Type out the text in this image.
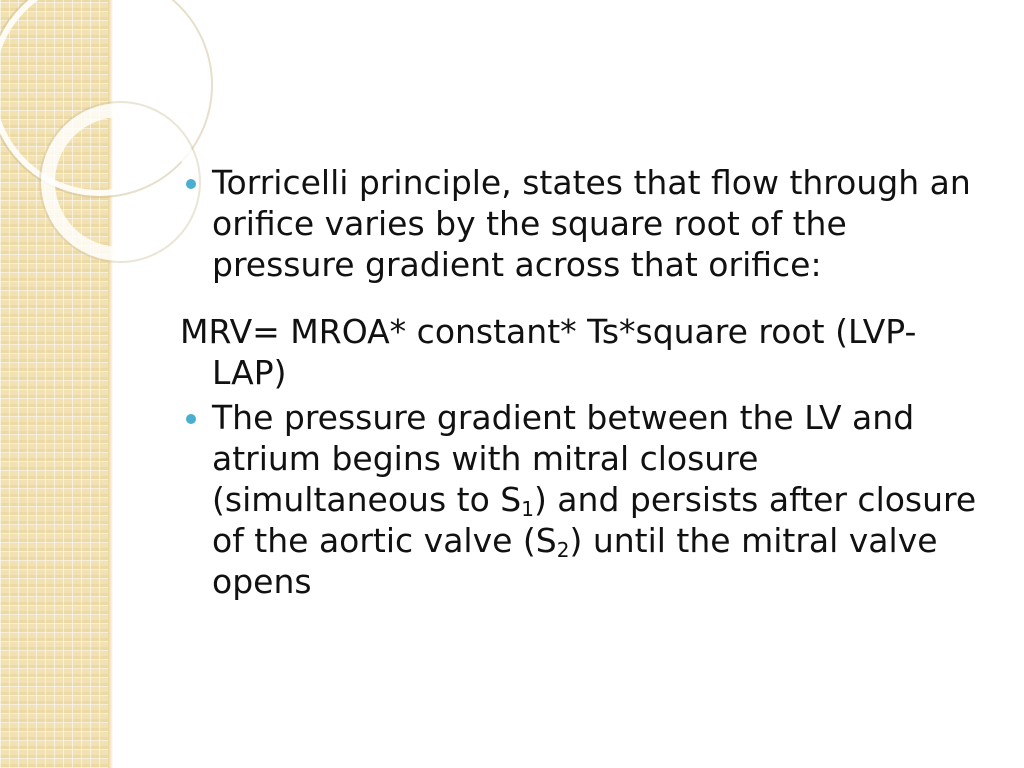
Torricelli principle, states that flow through an orifice varies by the square root of the pressure gradient across that orifice:
MRV= MROA* constant* Ts*square root (LVP-LAP)
The pressure gradient between the LV and atrium begins with mitral closure (simultaneous to $S_1$) and persists after closure of the aortic valve $(S_2)$ until the mitral valve opens
